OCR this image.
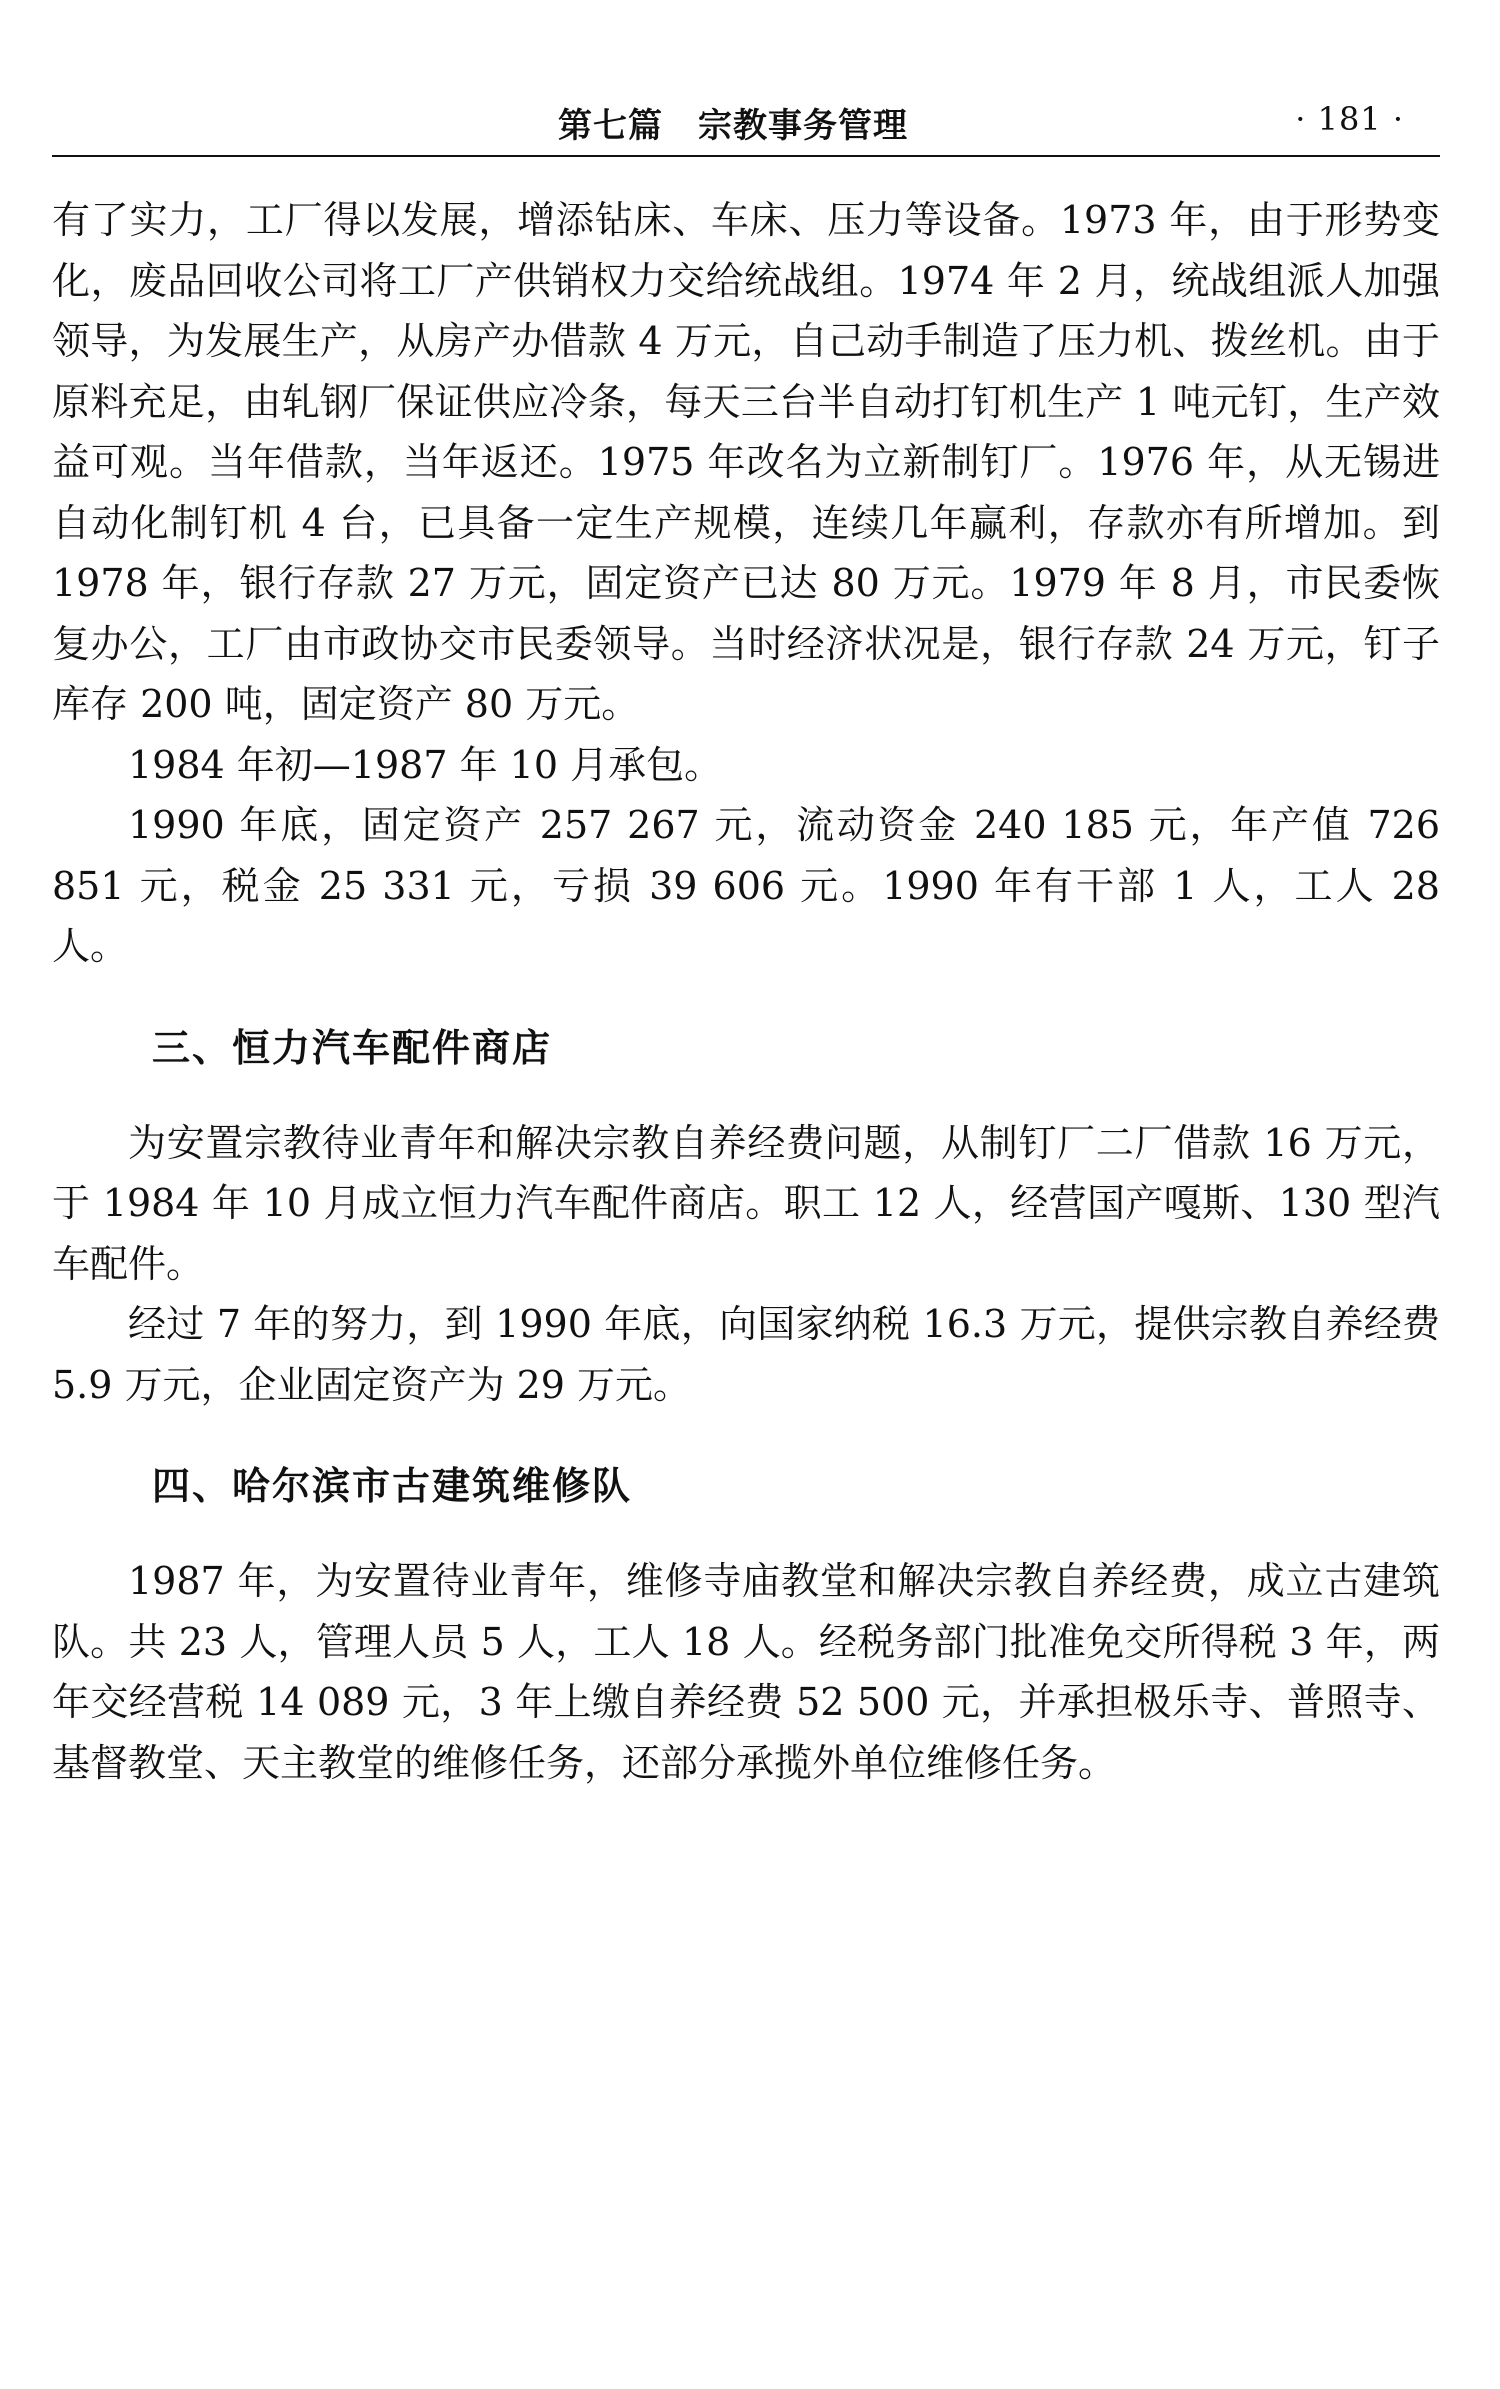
第七篇　宗教事务管理	· 181 ·

有了实力，工厂得以发展，增添钻床、车床、压力等设备。1973 年，由于形势变化，废品回收公司将工厂产供销权力交给统战组。1974 年 2 月，统战组派人加强领导，为发展生产，从房产办借款 4 万元，自己动手制造了压力机、拨丝机。由于原料充足，由轧钢厂保证供应冷条，每天三台半自动打钉机生产 1 吨元钉，生产效益可观。当年借款，当年返还。1975 年改名为立新制钉厂。1976 年，从无锡进自动化制钉机 4 台，已具备一定生产规模，连续几年赢利，存款亦有所增加。到 1978 年，银行存款 27 万元，固定资产已达 80 万元。1979 年 8 月，市民委恢复办公，工厂由市政协交市民委领导。当时经济状况是，银行存款 24 万元，钉子库存 200 吨，固定资产 80 万元。

1984 年初—1987 年 10 月承包。

1990 年底，固定资产 257 267 元，流动资金 240 185 元，年产值 726 851 元，税金 25 331 元，亏损 39 606 元。1990 年有干部 1 人，工人 28 人。

三、恒力汽车配件商店

为安置宗教待业青年和解决宗教自养经费问题，从制钉厂二厂借款 16 万元，于 1984 年 10 月成立恒力汽车配件商店。职工 12 人，经营国产嘎斯、130 型汽车配件。

经过 7 年的努力，到 1990 年底，向国家纳税 16.3 万元，提供宗教自养经费 5.9 万元，企业固定资产为 29 万元。

四、哈尔滨市古建筑维修队

1987 年，为安置待业青年，维修寺庙教堂和解决宗教自养经费，成立古建筑队。共 23 人，管理人员 5 人，工人 18 人。经税务部门批准免交所得税 3 年，两年交经营税 14 089 元，3 年上缴自养经费 52 500 元，并承担极乐寺、普照寺、基督教堂、天主教堂的维修任务，还部分承揽外单位维修任务。
